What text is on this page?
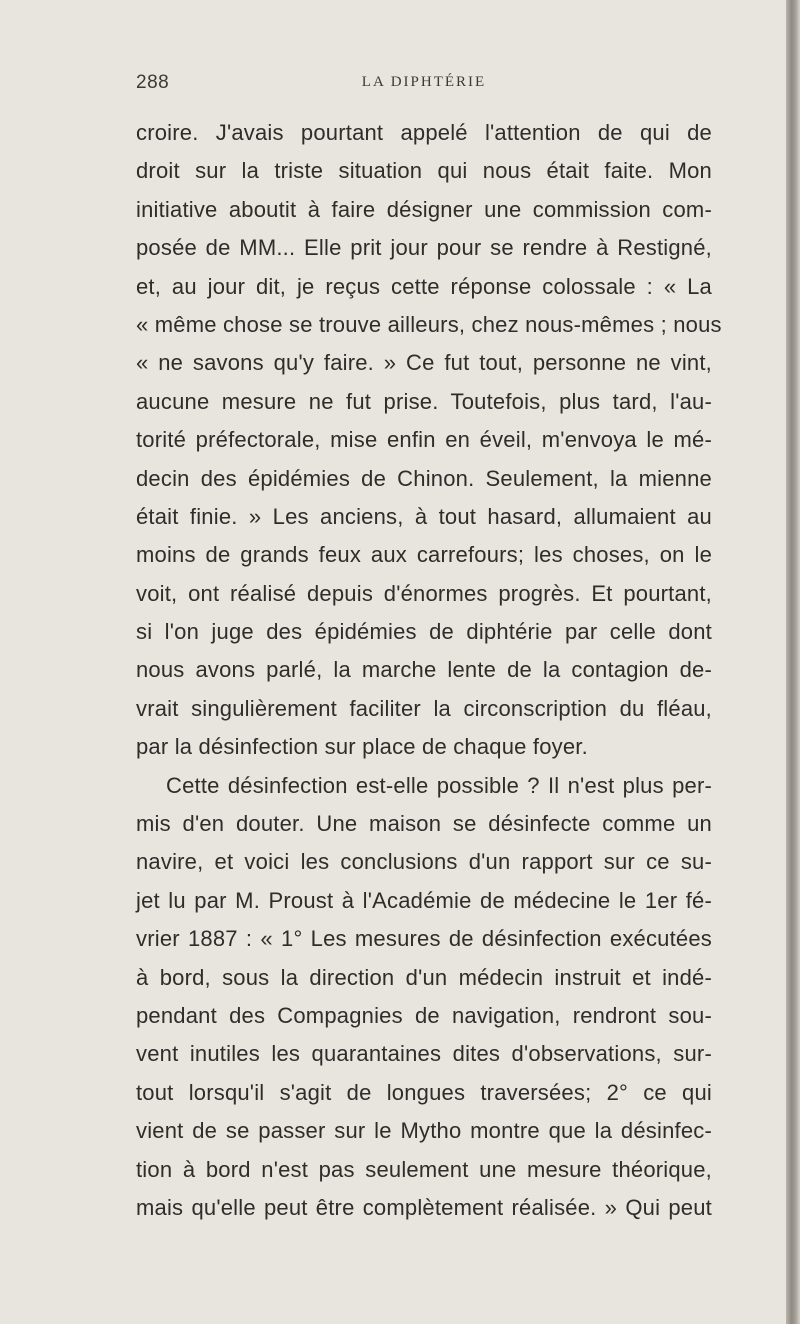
288	LA DIPHTÉRIE
croire. J'avais pourtant appelé l'attention de qui de
droit sur la triste situation qui nous était faite. Mon
initiative aboutit à faire désigner une commission com-
posée de MM... Elle prit jour pour se rendre à Restigné,
et, au jour dit, je reçus cette réponse colossale : « La
« même chose se trouve ailleurs, chez nous-mêmes ; nous
« ne savons qu'y faire. » Ce fut tout, personne ne vint,
aucune mesure ne fut prise. Toutefois, plus tard, l'au-
torité préfectorale, mise enfin en éveil, m'envoya le mé-
decin des épidémies de Chinon. Seulement, la mienne
était finie. » Les anciens, à tout hasard, allumaient au
moins de grands feux aux carrefours; les choses, on le
voit, ont réalisé depuis d'énormes progrès. Et pourtant,
si l'on juge des épidémies de diphtérie par celle dont
nous avons parlé, la marche lente de la contagion de-
vrait singulièrement faciliter la circonscription du fléau,
par la désinfection sur place de chaque foyer.
Cette désinfection est-elle possible ? Il n'est plus per-
mis d'en douter. Une maison se désinfecte comme un
navire, et voici les conclusions d'un rapport sur ce su-
jet lu par M. Proust à l'Académie de médecine le 1er fé-
vrier 1887 : « 1° Les mesures de désinfection exécutées
à bord, sous la direction d'un médecin instruit et indé-
pendant des Compagnies de navigation, rendront sou-
vent inutiles les quarantaines dites d'observations, sur-
tout lorsqu'il s'agit de longues traversées; 2° ce qui
vient de se passer sur le Mytho montre que la désinfec-
tion à bord n'est pas seulement une mesure théorique,
mais qu'elle peut être complètement réalisée. » Qui peut
